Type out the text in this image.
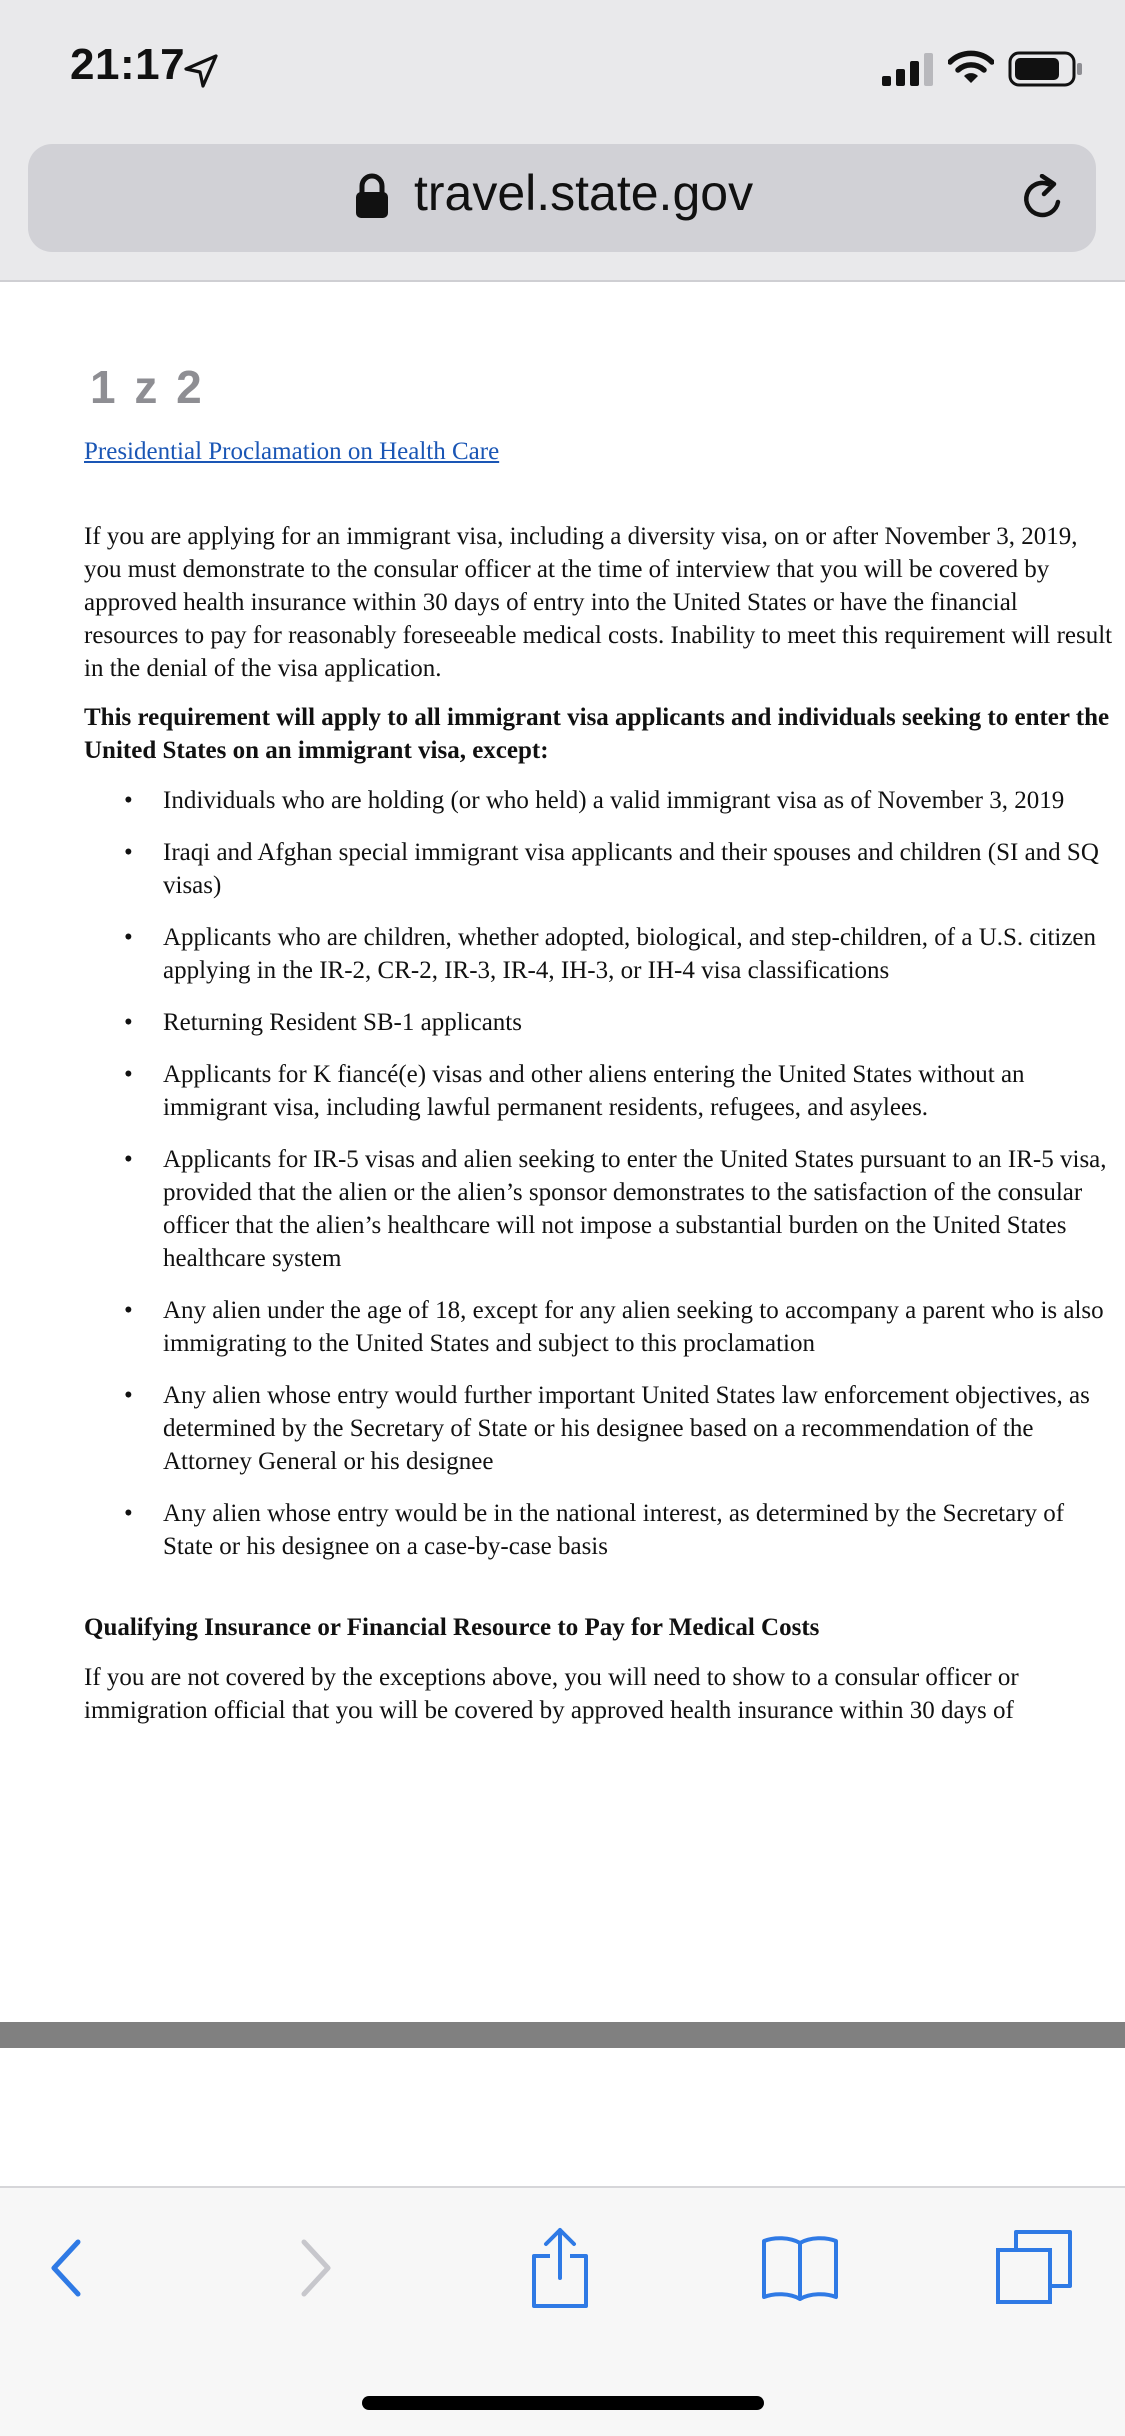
21:17
travel.state.gov
1 z 2
Presidential Proclamation on Health Care

If you are applying for an immigrant visa, including a diversity visa, on or after November 3, 2019, you must demonstrate to the consular officer at the time of interview that you will be covered by approved health insurance within 30 days of entry into the United States or have the financial resources to pay for reasonably foreseeable medical costs. Inability to meet this requirement will result in the denial of the visa application.

This requirement will apply to all immigrant visa applicants and individuals seeking to enter the United States on an immigrant visa, except:

• Individuals who are holding (or who held) a valid immigrant visa as of November 3, 2019
• Iraqi and Afghan special immigrant visa applicants and their spouses and children (SI and SQ visas)
• Applicants who are children, whether adopted, biological, and step-children, of a U.S. citizen applying in the IR-2, CR-2, IR-3, IR-4, IH-3, or IH-4 visa classifications
• Returning Resident SB-1 applicants
• Applicants for K fiancé(e) visas and other aliens entering the United States without an immigrant visa, including lawful permanent residents, refugees, and asylees.
• Applicants for IR-5 visas and alien seeking to enter the United States pursuant to an IR-5 visa, provided that the alien or the alien’s sponsor demonstrates to the satisfaction of the consular officer that the alien’s healthcare will not impose a substantial burden on the United States healthcare system
• Any alien under the age of 18, except for any alien seeking to accompany a parent who is also immigrating to the United States and subject to this proclamation
• Any alien whose entry would further important United States law enforcement objectives, as determined by the Secretary of State or his designee based on a recommendation of the Attorney General or his designee
• Any alien whose entry would be in the national interest, as determined by the Secretary of State or his designee on a case-by-case basis

Qualifying Insurance or Financial Resource to Pay for Medical Costs

If you are not covered by the exceptions above, you will need to show to a consular officer or immigration official that you will be covered by approved health insurance within 30 days of
